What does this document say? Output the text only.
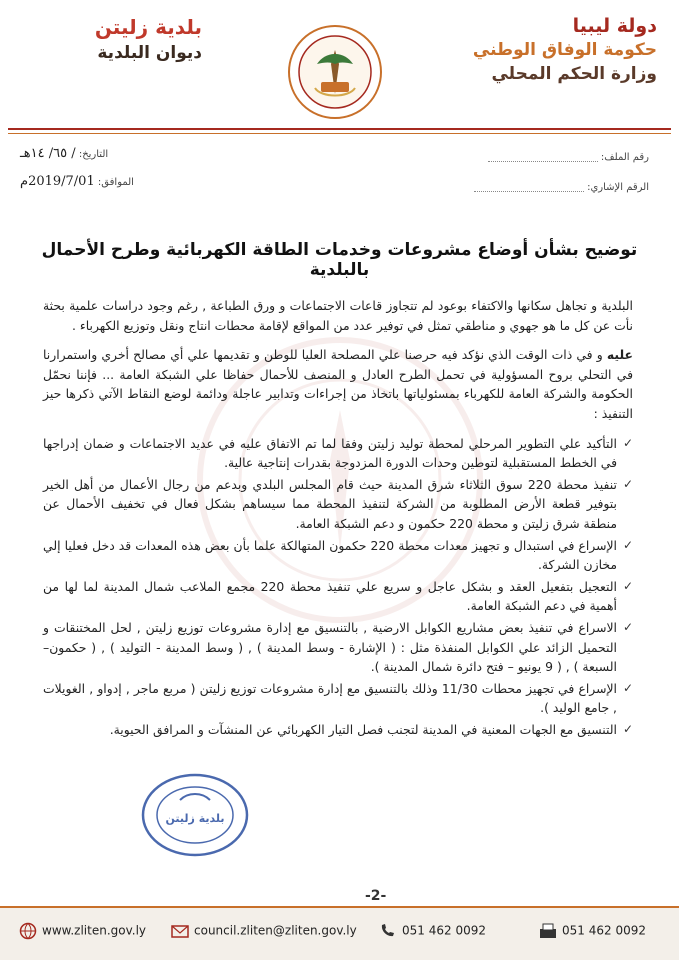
دولة ليبيا
حكومة الوفاق الوطني
وزارة الحكم المحلي
بلدية زليتن
ديوان البلدية
رقم الملف:
الرقم الإشاري:
التاريخ: / ٦٥/ ١٤هـ
الموافق: 2019/7/01م
توضيح بشأن أوضاع مشروعات وخدمات الطاقة الكهربائية وطرح الأحمال بالبلدية

البلدية و تجاهل سكانها والاكتفاء بوعود لم تتجاوز قاعات الاجتماعات و ورق الطباعة , رغم وجود دراسات علمية بحثة نأت عن كل ما هو جهوي و مناطقي تمثل في توفير عدد من المواقع لإقامة محطات انتاج ونقل وتوزيع الكهرباء .

عليه و في ذات الوقت الذي نؤكد فيه حرصنا علي المصلحة العليا للوطن و تقديمها علي أي مصالح أخري واستمرارنا في التحلي بروح المسؤولية في تحمل الطرح العادل و المنصف للأحمال حفاظا علي الشبكة العامة ... فإننا نحمّل الحكومة والشركة العامة للكهرباء بمسئولياتها باتخاذ من إجراءات وتدابير عاجلة ودائمة لوضع النقاط الآتي ذكرها حيز التنفيذ :

✓
التأكيد علي التطوير المرحلي لمحطة توليد زليتن وفقا لما تم الاتفاق عليه في عديد الاجتماعات و ضمان إدراجها في الخطط المستقبلية لتوطين وحدات الدورة المزدوجة بقدرات إنتاجية عالية.
✓
تنفيذ محطة 220 سوق الثلاثاء شرق المدينة حيث قام المجلس البلدي وبدعم من رجال الأعمال من أهل الخير بتوفير قطعة الأرض المطلوبة من الشركة لتنفيذ المحطة مما سيساهم بشكل فعال في تخفيف الأحمال عن منطقة شرق زليتن و محطة 220 حكمون و دعم الشبكة العامة.
✓
الإسراع في استبدال و تجهيز معدات محطة 220 حكمون المتهالكة علما بأن بعض هذه المعدات قد دخل فعليا إلي مخازن الشركة.
✓
التعجيل بتفعيل العقد و بشكل عاجل و سريع علي تنفيذ محطة 220 مجمع الملاعب شمال المدينة لما لها من أهمية في دعم الشبكة العامة.
✓
الاسراع في تنفيذ بعض مشاريع الكوابل الارضية , بالتنسيق مع إدارة مشروعات توزيع زليتن , لحل المختنقات و التحميل الزائد علي الكوابل المنفذة مثل : ( الإشارة - وسط المدينة ) , ( وسط المدينة - التوليد ) , ( حكمون– السبعة ) , ( 9 يونيو – فتح دائرة شمال المدينة ).
✓
الإسراع في تجهيز محطات 11/30 وذلك بالتنسيق مع إدارة مشروعات توزيع زليتن ( مربع ماجر , إدواو , الغويلات , جامع الوليد ).
✓
التنسيق مع الجهات المعنية في المدينة لتجنب فصل التيار الكهربائي عن المنشآت و المرافق الحيوية.
بلدية زليتن
-2-
www.zliten.gov.ly	council.zliten@zliten.gov.ly	051 462 0092	051 462 0092
